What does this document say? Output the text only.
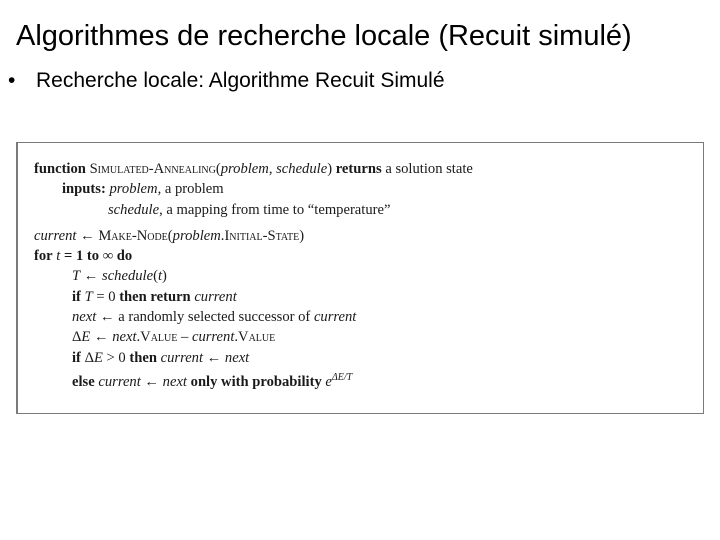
Algorithmes de recherche locale (Recuit simulé)
• Recherche locale: Algorithme Recuit Simulé
function Simulated-Annealing(problem, schedule) returns a solution state
inputs: problem, a problem
schedule, a mapping from time to “temperature”
current ← Make-Node(problem.Initial-State)
for t = 1 to ∞ do
T ← schedule(t)
if T = 0 then return current
next ← a randomly selected successor of current
ΔE ← next.Value – current.Value
if ΔE > 0 then current ← next
else current ← next only with probability $e^{\Delta E/T}$
